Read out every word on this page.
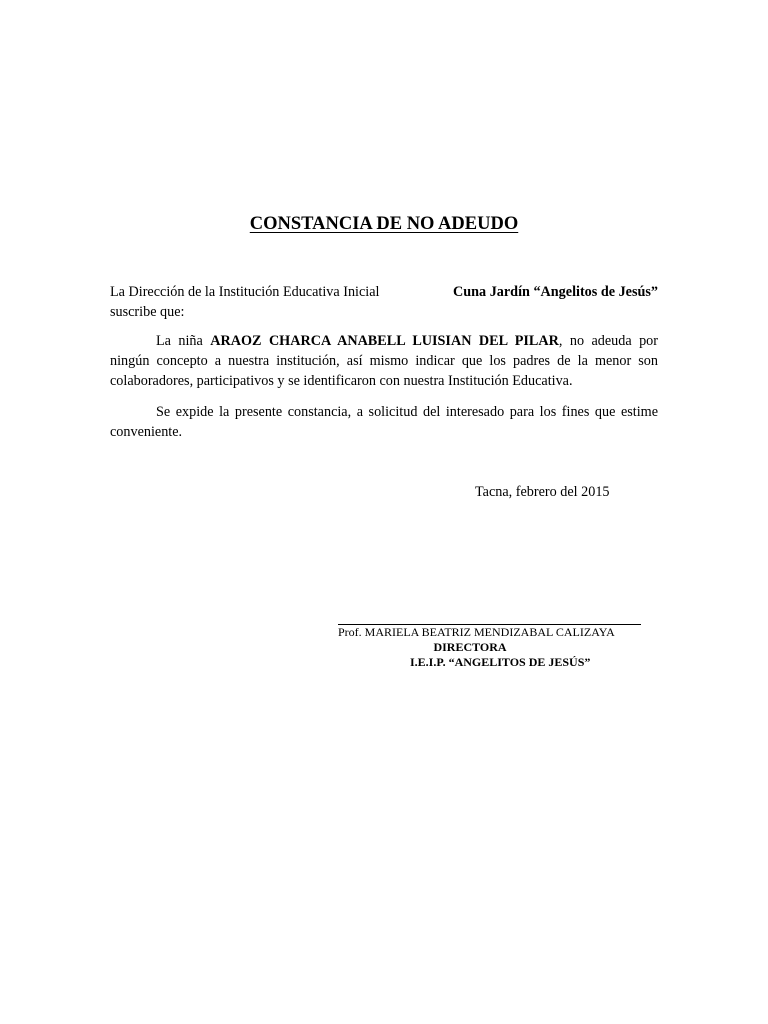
CONSTANCIA DE NO ADEUDO
La Dirección de la Institución Educativa Inicial	Cuna Jardín “Angelitos de Jesús”
suscribe que:
La niña ARAOZ CHARCA ANABELL LUISIAN DEL PILAR, no adeuda por ningún concepto a nuestra institución, así mismo indicar que los padres de la menor son colaboradores, participativos y se identificaron con nuestra Institución Educativa.
Se expide la presente constancia, a solicitud del interesado para los fines que estime conveniente.
Tacna, febrero del 2015
Prof. MARIELA BEATRIZ MENDIZABAL CALIZAYA
DIRECTORA
I.E.I.P. “ANGELITOS DE JESÚS”
